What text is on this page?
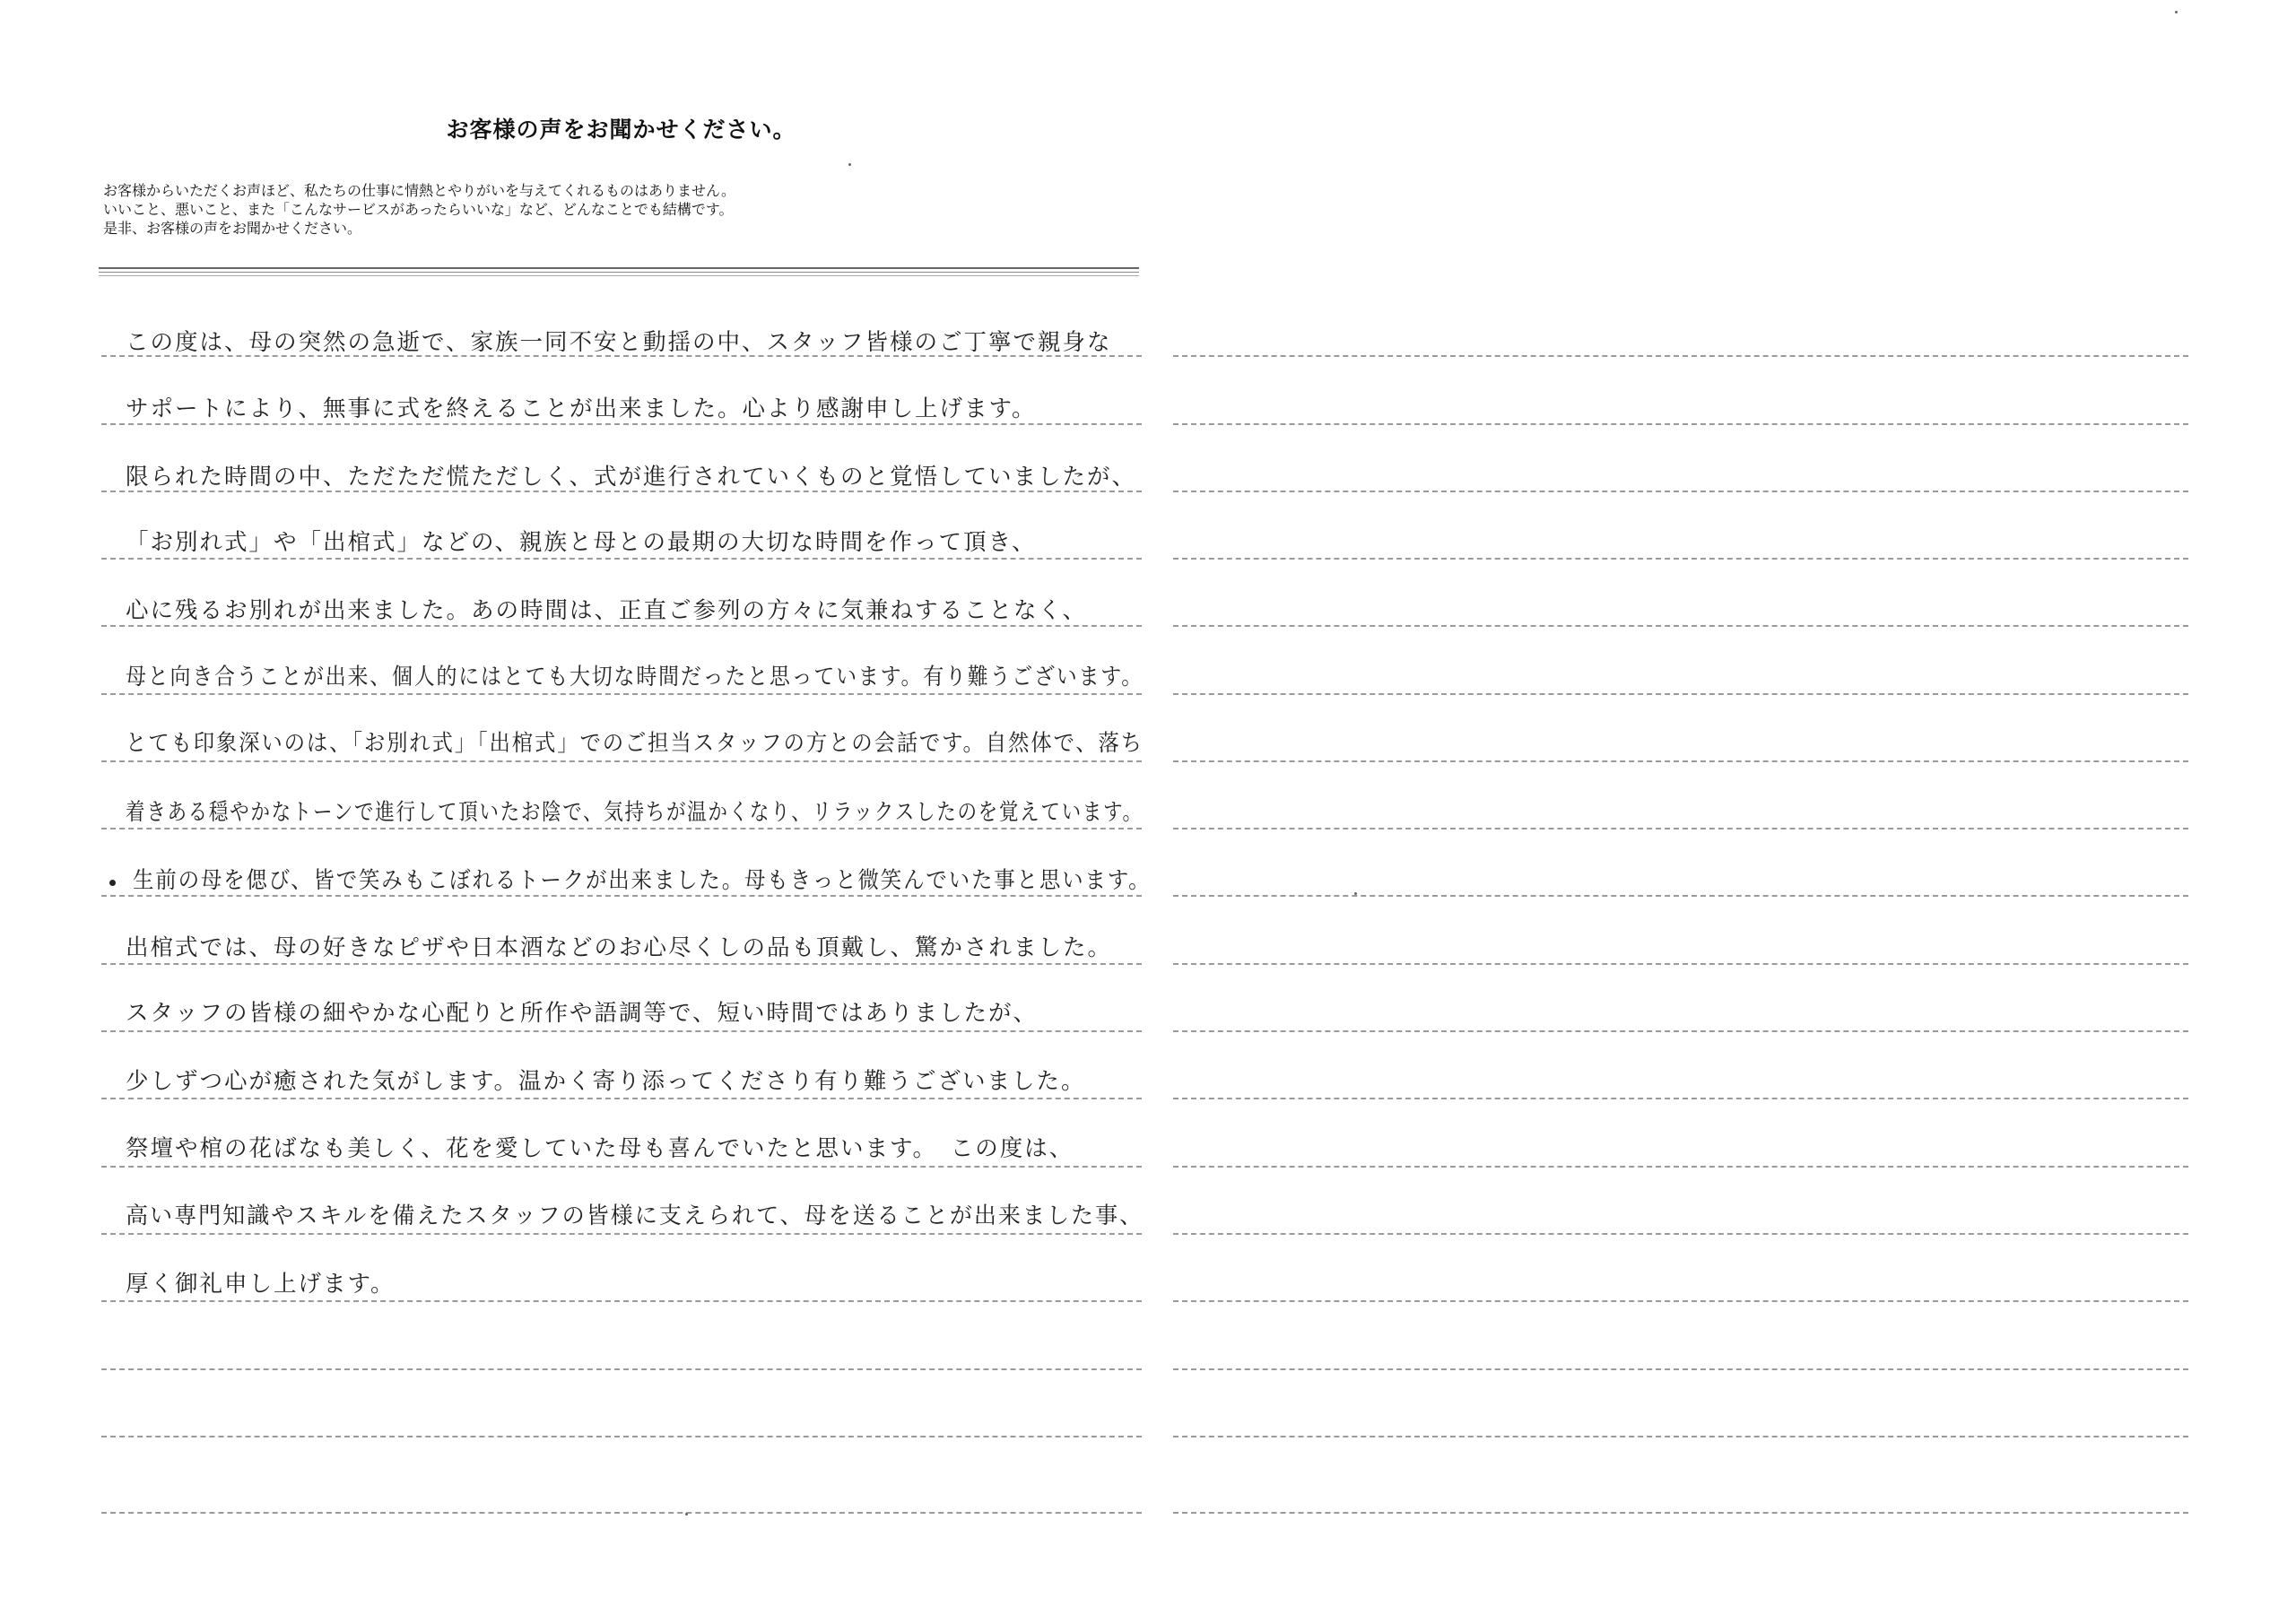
お客様の声をお聞かせください。
お客様からいただくお声ほど、私たちの仕事に情熱とやりがいを与えてくれるものはありません。
いいこと、悪いこと、また「こんなサービスがあったらいいな」など、どんなことでも結構です。
是非、お客様の声をお聞かせください。
この度は、母の突然の急逝で、家族一同不安と動揺の中、スタッフ皆様のご丁寧で親身な
サポートにより、無事に式を終えることが出来ました。心より感謝申し上げます。
限られた時間の中、ただただ慌ただしく、式が進行されていくものと覚悟していましたが、
「お別れ式」や「出棺式」などの、親族と母との最期の大切な時間を作って頂き、
心に残るお別れが出来ました。あの時間は、正直ご参列の方々に気兼ねすることなく、
母と向き合うことが出来、個人的にはとても大切な時間だったと思っています。有り難うございます。
とても印象深いのは、「お別れ式」「出棺式」でのご担当スタッフの方との会話です。自然体で、落ち
着きある穏やかなトーンで進行して頂いたお陰で、気持ちが温かくなり、リラックスしたのを覚えています。
生前の母を偲び、皆で笑みもこぼれるトークが出来ました。母もきっと微笑んでいた事と思います。
出棺式では、母の好きなピザや日本酒などのお心尽くしの品も頂戴し、驚かされました。
スタッフの皆様の細やかな心配りと所作や語調等で、短い時間ではありましたが、
少しずつ心が癒された気がします。温かく寄り添ってくださり有り難うございました。
祭壇や棺の花ばなも美しく、花を愛していた母も喜んでいたと思います。　この度は、
高い専門知識やスキルを備えたスタッフの皆様に支えられて、母を送ることが出来ました事、
厚く御礼申し上げます。
